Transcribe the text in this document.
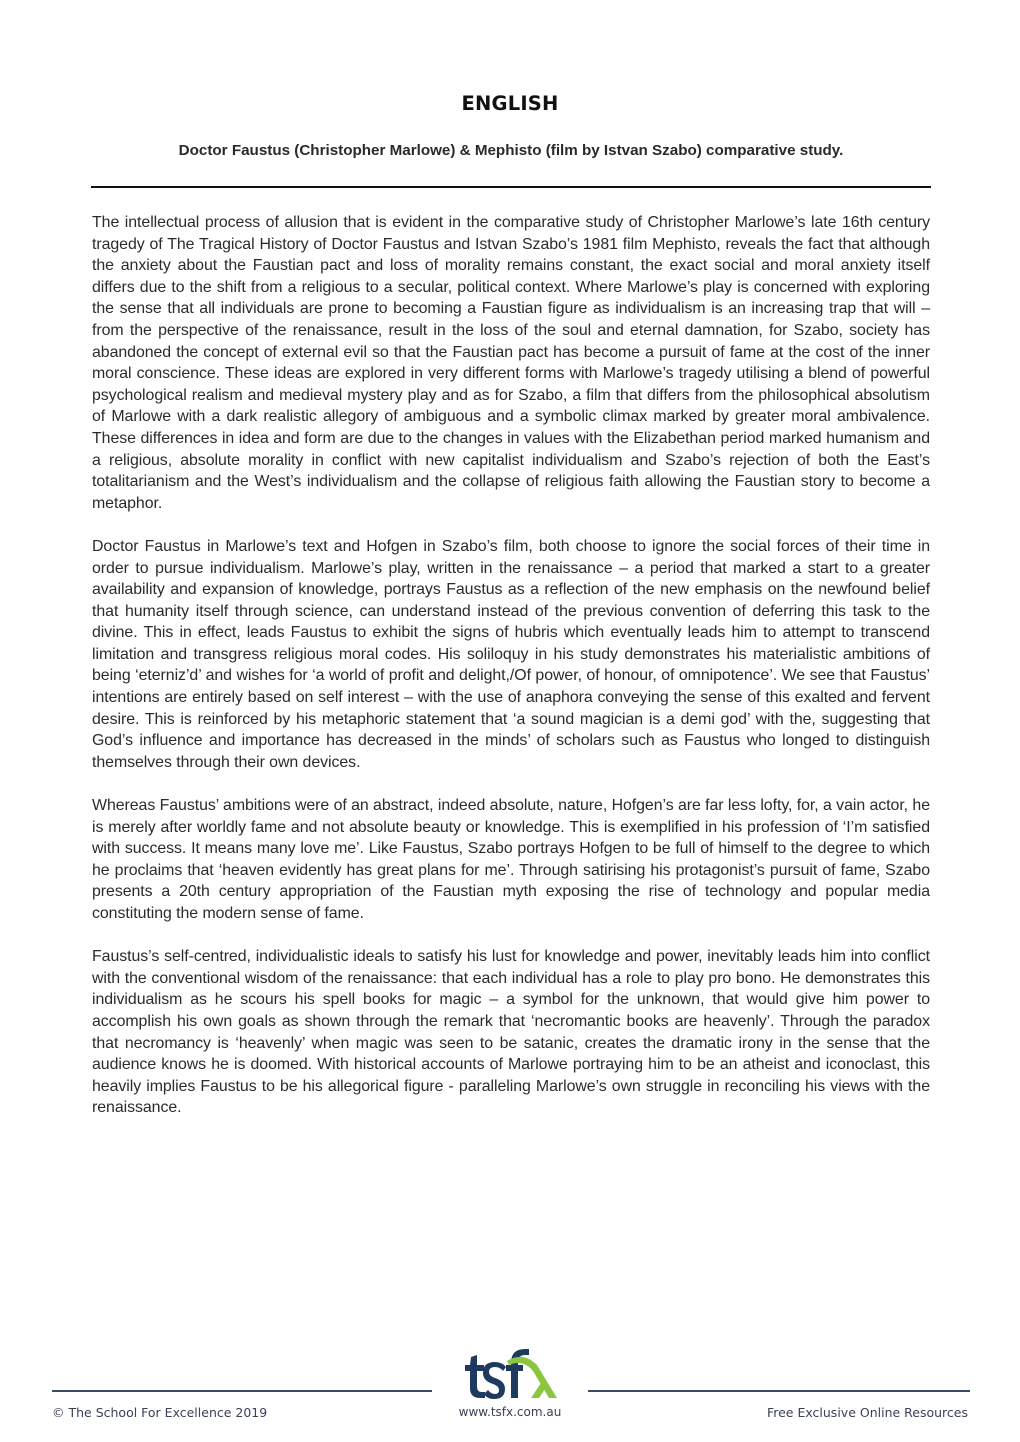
ENGLISH
Doctor Faustus (Christopher Marlowe) & Mephisto (film by Istvan Szabo) comparative study.

The intellectual process of allusion that is evident in the comparative study of Christopher Marlowe’s late 16th century tragedy of The Tragical History of Doctor Faustus and Istvan Szabo’s 1981 film Mephisto, reveals the fact that although the anxiety about the Faustian pact and loss of morality remains constant, the exact social and moral anxiety itself differs due to the shift from a religious to a secular, political context. Where Marlowe’s play is concerned with exploring the sense that all individuals are prone to becoming a Faustian figure as individualism is an increasing trap that will – from the perspective of the renaissance, result in the loss of the soul and eternal damnation, for Szabo, society has abandoned the concept of external evil so that the Faustian pact has become a pursuit of fame at the cost of the inner moral conscience. These ideas are explored in very different forms with Marlowe’s tragedy utilising a blend of powerful psychological realism and medieval mystery play and as for Szabo, a film that differs from the philosophical absolutism of Marlowe with a dark realistic allegory of ambiguous and a symbolic climax marked by greater moral ambivalence. These differences in idea and form are due to the changes in values with the Elizabethan period marked humanism and a religious, absolute morality in conflict with new capitalist individualism and Szabo’s rejection of both the East’s totalitarianism and the West’s individualism and the collapse of religious faith allowing the Faustian story to become a metaphor.

Doctor Faustus in Marlowe’s text and Hofgen in Szabo’s film, both choose to ignore the social forces of their time in order to pursue individualism. Marlowe’s play, written in the renaissance – a period that marked a start to a greater availability and expansion of knowledge, portrays Faustus as a reflection of the new emphasis on the newfound belief that humanity itself through science, can understand instead of the previous convention of deferring this task to the divine. This in effect, leads Faustus to exhibit the signs of hubris which eventually leads him to attempt to transcend limitation and transgress religious moral codes. His soliloquy in his study demonstrates his materialistic ambitions of being ‘eterniz’d’ and wishes for ‘a world of profit and delight,/Of power, of honour, of omnipotence’. We see that Faustus’ intentions are entirely based on self interest – with the use of anaphora conveying the sense of this exalted and fervent desire. This is reinforced by his metaphoric statement that ‘a sound magician is a demi god’ with the, suggesting that God’s influence and importance has decreased in the minds’ of scholars such as Faustus who longed to distinguish themselves through their own devices.

Whereas Faustus’ ambitions were of an abstract, indeed absolute, nature, Hofgen’s are far less lofty, for, a vain actor, he is merely after worldly fame and not absolute beauty or knowledge. This is exemplified in his profession of ‘I’m satisfied with success. It means many love me’. Like Faustus, Szabo portrays Hofgen to be full of himself to the degree to which he proclaims that ‘heaven evidently has great plans for me’. Through satirising his protagonist’s pursuit of fame, Szabo presents a 20th century appropriation of the Faustian myth exposing the rise of technology and popular media constituting the modern sense of fame.

Faustus’s self-centred, individualistic ideals to satisfy his lust for knowledge and power, inevitably leads him into conflict with the conventional wisdom of the renaissance: that each individual has a role to play pro bono. He demonstrates this individualism as he scours his spell books for magic – a symbol for the unknown, that would give him power to accomplish his own goals as shown through the remark that ‘necromantic books are heavenly’. Through the paradox that necromancy is ‘heavenly’ when magic was seen to be satanic, creates the dramatic irony in the sense that the audience knows he is doomed. With historical accounts of Marlowe portraying him to be an atheist and iconoclast, this heavily implies Faustus to be his allegorical figure - paralleling Marlowe’s own struggle in reconciling his views with the renaissance.

© The School For Excellence 2019	www.tsfx.com.au	Free Exclusive Online Resources
